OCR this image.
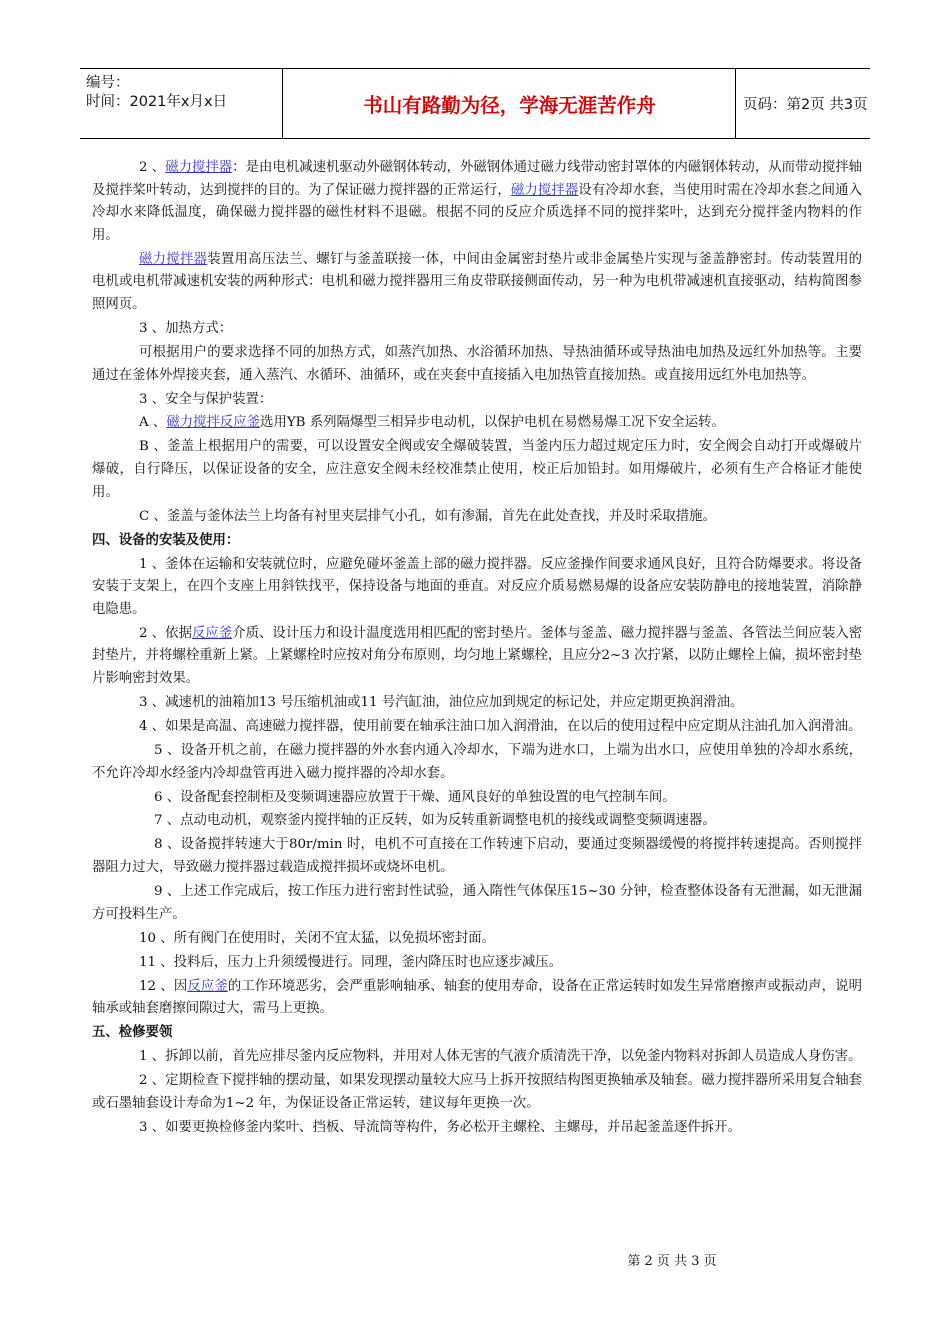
编号：
时间：2021年x月x日	书山有路勤为径，学海无涯苦作舟	页码：第2页 共3页

2 、磁力搅拌器：是由电机减速机驱动外磁钢体转动，外磁钢体通过磁力线带动密封罩体的内磁钢体转动，从而带动搅拌轴及搅拌桨叶转动，达到搅拌的目的。为了保证磁力搅拌器的正常运行，磁力搅拌器设有冷却水套，当使用时需在冷却水套之间通入冷却水来降低温度，确保磁力搅拌器的磁性材料不退磁。根据不同的反应介质选择不同的搅拌桨叶，达到充分搅拌釜内物料的作用。

磁力搅拌器装置用高压法兰、螺钉与釜盖联接一体，中间由金属密封垫片或非金属垫片实现与釜盖静密封。传动装置用的电机或电机带减速机安装的两种形式：电机和磁力搅拌器用三角皮带联接侧面传动，另一种为电机带减速机直接驱动，结构简图参照网页。

3 、加热方式：

可根据用户的要求选择不同的加热方式，如蒸汽加热、水浴循环加热、导热油循环或导热油电加热及远红外加热等。主要通过在釜体外焊接夹套，通入蒸汽、水循环、油循环，或在夹套中直接插入电加热管直接加热。或直接用远红外电加热等。

3 、安全与保护装置：

A 、磁力搅拌反应釜选用YB 系列隔爆型三相异步电动机，以保护电机在易燃易爆工况下安全运转。

B 、釜盖上根据用户的需要，可以设置安全阀或安全爆破装置，当釜内压力超过规定压力时，安全阀会自动打开或爆破片爆破，自行降压，以保证设备的安全，应注意安全阀未经校准禁止使用，校正后加铅封。如用爆破片，必须有生产合格证才能使用。

C 、釜盖与釜体法兰上均备有衬里夹层排气小孔，如有渗漏，首先在此处查找，并及时采取措施。

四、设备的安装及使用：

1 、釜体在运输和安装就位时，应避免碰坏釜盖上部的磁力搅拌器。反应釜操作间要求通风良好，且符合防爆要求。将设备安装于支架上，在四个支座上用斜铁找平，保持设备与地面的垂直。对反应介质易燃易爆的设备应安装防静电的接地装置，消除静电隐患。

2 、依据反应釜介质、设计压力和设计温度选用相匹配的密封垫片。釜体与釜盖、磁力搅拌器与釜盖、各管法兰间应装入密封垫片，并将螺栓重新上紧。上紧螺栓时应按对角分布原则，均匀地上紧螺栓，且应分2~3 次拧紧，以防止螺栓上偏，损坏密封垫片影响密封效果。

3 、减速机的油箱加13 号压缩机油或11 号汽缸油，油位应加到规定的标记处，并应定期更换润滑油。

4 、如果是高温、高速磁力搅拌器，使用前要在轴承注油口加入润滑油，在以后的使用过程中应定期从注油孔加入润滑油。

5 、设备开机之前，在磁力搅拌器的外水套内通入冷却水，下端为进水口，上端为出水口，应使用单独的冷却水系统，不允许冷却水经釜内冷却盘管再进入磁力搅拌器的冷却水套。

6 、设备配套控制柜及变频调速器应放置于干燥、通风良好的单独设置的电气控制车间。

7 、点动电动机，观察釜内搅拌轴的正反转，如为反转重新调整电机的接线或调整变频调速器。

8 、设备搅拌转速大于80r/min 时，电机不可直接在工作转速下启动，要通过变频器缓慢的将搅拌转速提高。否则搅拌器阻力过大，导致磁力搅拌器过载造成搅拌损坏或烧坏电机。

9 、上述工作完成后，按工作压力进行密封性试验，通入隋性气体保压15~30 分钟，检查整体设备有无泄漏，如无泄漏方可投料生产。

10 、所有阀门在使用时，关闭不宜太猛，以免损坏密封面。

11 、投料后，压力上升须缓慢进行。同理，釜内降压时也应逐步减压。

12 、因反应釜的工作环境恶劣，会严重影响轴承、轴套的使用寿命，设备在正常运转时如发生异常磨擦声或振动声，说明轴承或轴套磨擦间隙过大，需马上更换。

五、检修要领

1 、拆卸以前，首先应排尽釜内反应物料，并用对人体无害的气液介质清洗干净，以免釜内物料对拆卸人员造成人身伤害。

2 、定期检查下搅拌轴的摆动量，如果发现摆动量较大应马上拆开按照结构图更换轴承及轴套。磁力搅拌器所采用复合轴套或石墨轴套设计寿命为1~2 年，为保证设备正常运转，建议每年更换一次。

3 、如要更换检修釜内桨叶、挡板、导流筒等构件，务必松开主螺栓、主螺母，并吊起釜盖逐件拆开。

第 2 页 共 3 页
